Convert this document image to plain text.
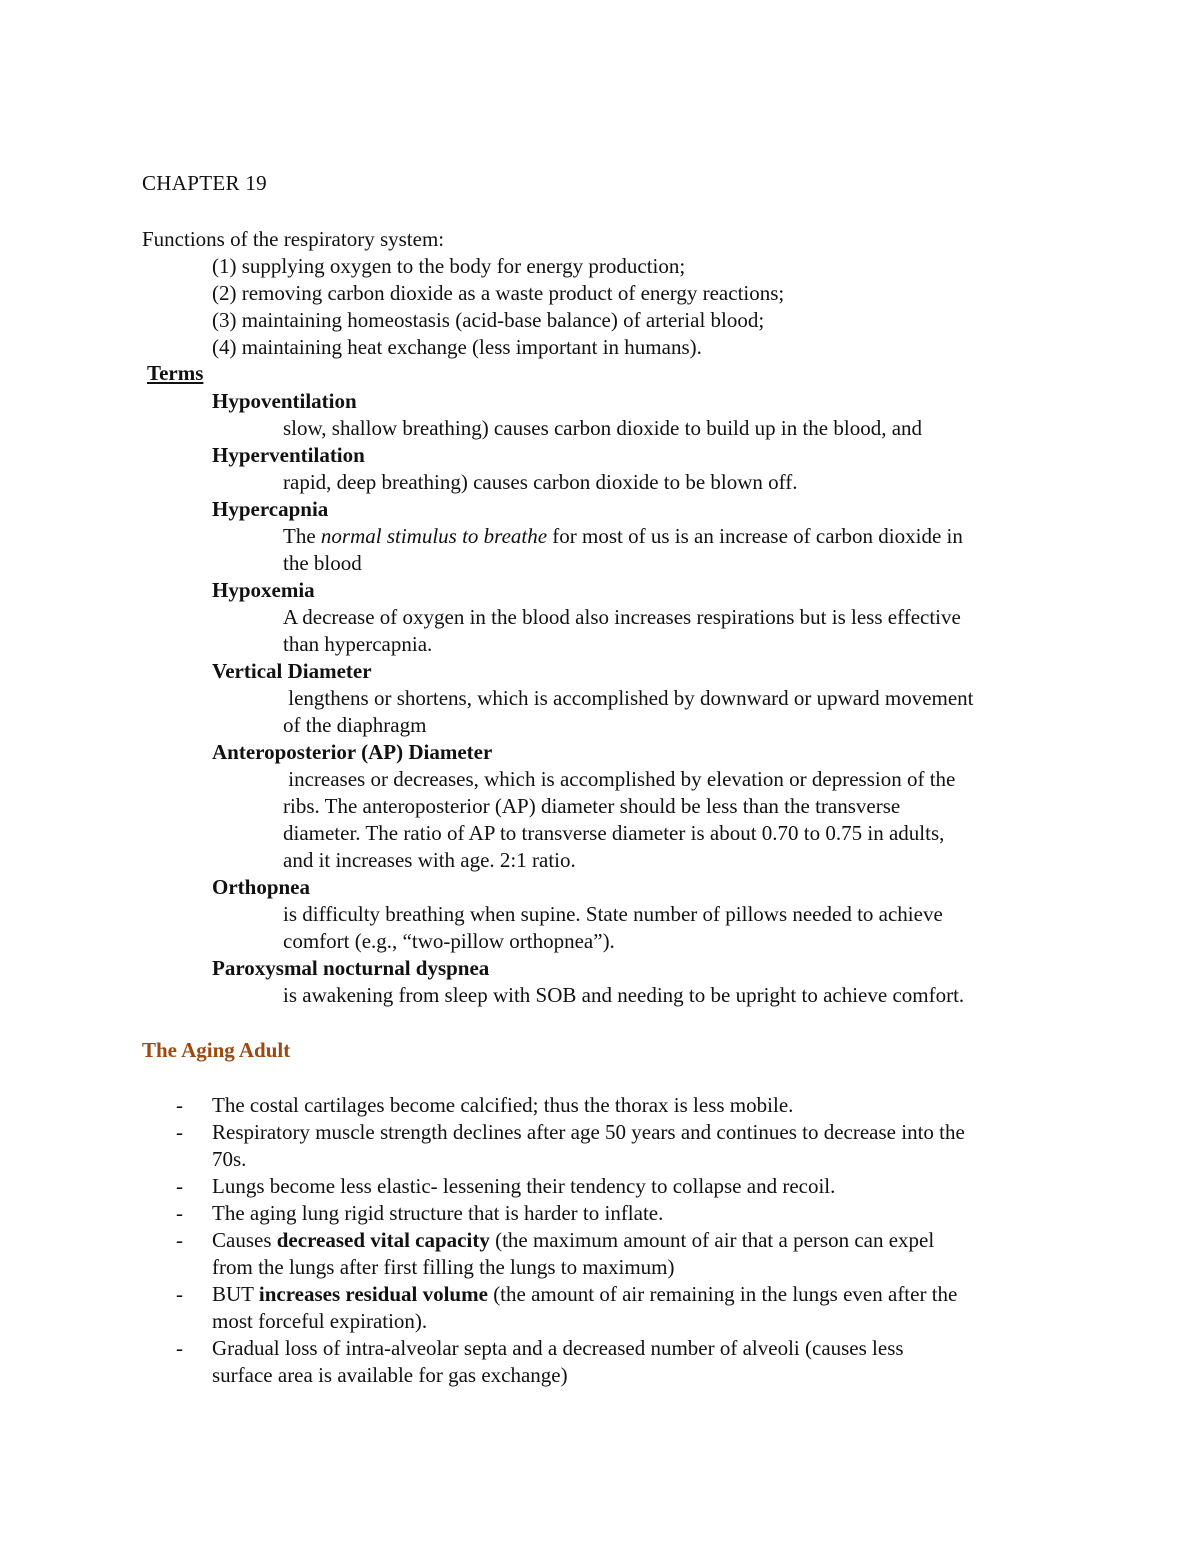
CHAPTER 19
Functions of the respiratory system:
(1) supplying oxygen to the body for energy production;
(2) removing carbon dioxide as a waste product of energy reactions;
(3) maintaining homeostasis (acid-base balance) of arterial blood;
(4) maintaining heat exchange (less important in humans).
Terms
Hypoventilation
slow, shallow breathing) causes carbon dioxide to build up in the blood, and
Hyperventilation
rapid, deep breathing) causes carbon dioxide to be blown off.
Hypercapnia
The normal stimulus to breathe for most of us is an increase of carbon dioxide in
the blood
Hypoxemia
A decrease of oxygen in the blood also increases respirations but is less effective
than hypercapnia.
Vertical Diameter
lengthens or shortens, which is accomplished by downward or upward movement
of the diaphragm
Anteroposterior (AP) Diameter
increases or decreases, which is accomplished by elevation or depression of the
ribs. The anteroposterior (AP) diameter should be less than the transverse
diameter. The ratio of AP to transverse diameter is about 0.70 to 0.75 in adults,
and it increases with age. 2:1 ratio.
Orthopnea
is difficulty breathing when supine. State number of pillows needed to achieve
comfort (e.g., “two-pillow orthopnea”).
Paroxysmal nocturnal dyspnea
is awakening from sleep with SOB and needing to be upright to achieve comfort.
The Aging Adult
- The costal cartilages become calcified; thus the thorax is less mobile.
- Respiratory muscle strength declines after age 50 years and continues to decrease into the
70s.
- Lungs become less elastic- lessening their tendency to collapse and recoil.
- The aging lung rigid structure that is harder to inflate.
- Causes decreased vital capacity (the maximum amount of air that a person can expel
from the lungs after first filling the lungs to maximum)
- BUT increases residual volume (the amount of air remaining in the lungs even after the
most forceful expiration).
- Gradual loss of intra-alveolar septa and a decreased number of alveoli (causes less
surface area is available for gas exchange)
